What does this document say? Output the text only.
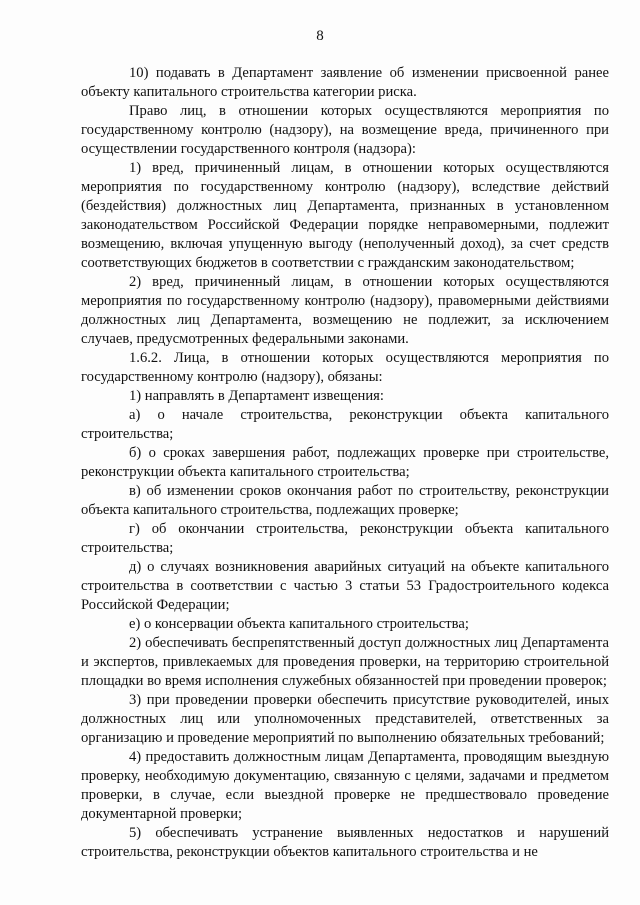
8

10) подавать в Департамент заявление об изменении присвоенной ранее объекту капитального строительства категории риска.

Право лиц, в отношении которых осуществляются мероприятия по государственному контролю (надзору), на возмещение вреда, причиненного при осуществлении государственного контроля (надзора):

1) вред, причиненный лицам, в отношении которых осуществляются мероприятия по государственному контролю (надзору), вследствие действий (бездействия) должностных лиц Департамента, признанных в установленном законодательством Российской Федерации порядке неправомерными, подлежит возмещению, включая упущенную выгоду (неполученный доход), за счет средств соответствующих бюджетов в соответствии с гражданским законодательством;

2) вред, причиненный лицам, в отношении которых осуществляются мероприятия по государственному контролю (надзору), правомерными действиями должностных лиц Департамента, возмещению не подлежит, за исключением случаев, предусмотренных федеральными законами.

1.6.2. Лица, в отношении которых осуществляются мероприятия по государственному контролю (надзору), обязаны:

1) направлять в Департамент извещения:

а) о начале строительства, реконструкции объекта капитального строительства;

б) о сроках завершения работ, подлежащих проверке при строительстве, реконструкции объекта капитального строительства;

в) об изменении сроков окончания работ по строительству, реконструкции объекта капитального строительства, подлежащих проверке;

г) об окончании строительства, реконструкции объекта капитального строительства;

д) о случаях возникновения аварийных ситуаций на объекте капитального строительства в соответствии с частью 3 статьи 53 Градостроительного кодекса Российской Федерации;

е) о консервации объекта капитального строительства;

2) обеспечивать беспрепятственный доступ должностных лиц Департамента и экспертов, привлекаемых для проведения проверки, на территорию строительной площадки во время исполнения служебных обязанностей при проведении проверок;

3) при проведении проверки обеспечить присутствие руководителей, иных должностных лиц или уполномоченных представителей, ответственных за организацию и проведение мероприятий по выполнению обязательных требований;

4) предоставить должностным лицам Департамента, проводящим выездную проверку, необходимую документацию, связанную с целями, задачами и предметом проверки, в случае, если выездной проверке не предшествовало проведение документарной проверки;

5) обеспечивать устранение выявленных недостатков и нарушений строительства, реконструкции объектов капитального строительства и не
